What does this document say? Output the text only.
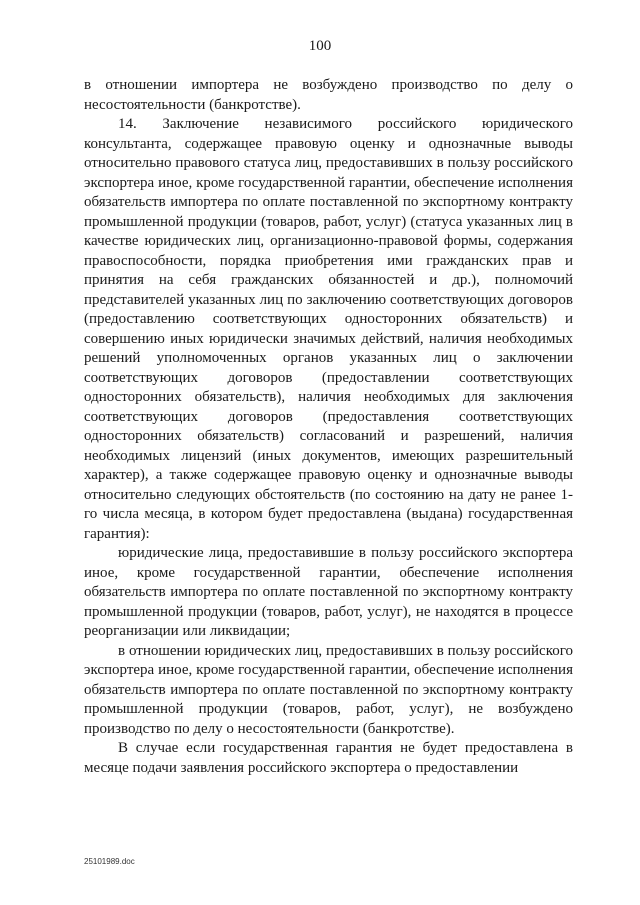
100

в отношении импортера не возбуждено производство по делу о несостоятельности (банкротстве).

14. Заключение независимого российского юридического консультанта, содержащее правовую оценку и однозначные выводы относительно правового статуса лиц, предоставивших в пользу российского экспортера иное, кроме государственной гарантии, обеспечение исполнения обязательств импортера по оплате поставленной по экспортному контракту промышленной продукции (товаров, работ, услуг) (статуса указанных лиц в качестве юридических лиц, организационно-правовой формы, содержания правоспособности, порядка приобретения ими гражданских прав и принятия на себя гражданских обязанностей и др.), полномочий представителей указанных лиц по заключению соответствующих договоров (предоставлению соответствующих односторонних обязательств) и совершению иных юридически значимых действий, наличия необходимых решений уполномоченных органов указанных лиц о заключении соответствующих договоров (предоставлении соответствующих односторонних обязательств), наличия необходимых для заключения соответствующих договоров (предоставления соответствующих односторонних обязательств) согласований и разрешений, наличия необходимых лицензий (иных документов, имеющих разрешительный характер), а также содержащее правовую оценку и однозначные выводы относительно следующих обстоятельств (по состоянию на дату не ранее 1-го числа месяца, в котором будет предоставлена (выдана) государственная гарантия):

юридические лица, предоставившие в пользу российского экспортера иное, кроме государственной гарантии, обеспечение исполнения обязательств импортера по оплате поставленной по экспортному контракту промышленной продукции (товаров, работ, услуг), не находятся в процессе реорганизации или ликвидации;

в отношении юридических лиц, предоставивших в пользу российского экспортера иное, кроме государственной гарантии, обеспечение исполнения обязательств импортера по оплате поставленной по экспортному контракту промышленной продукции (товаров, работ, услуг), не возбуждено производство по делу о несостоятельности (банкротстве).

В случае если государственная гарантия не будет предоставлена в месяце подачи заявления российского экспортера о предоставлении

25101989.doc
